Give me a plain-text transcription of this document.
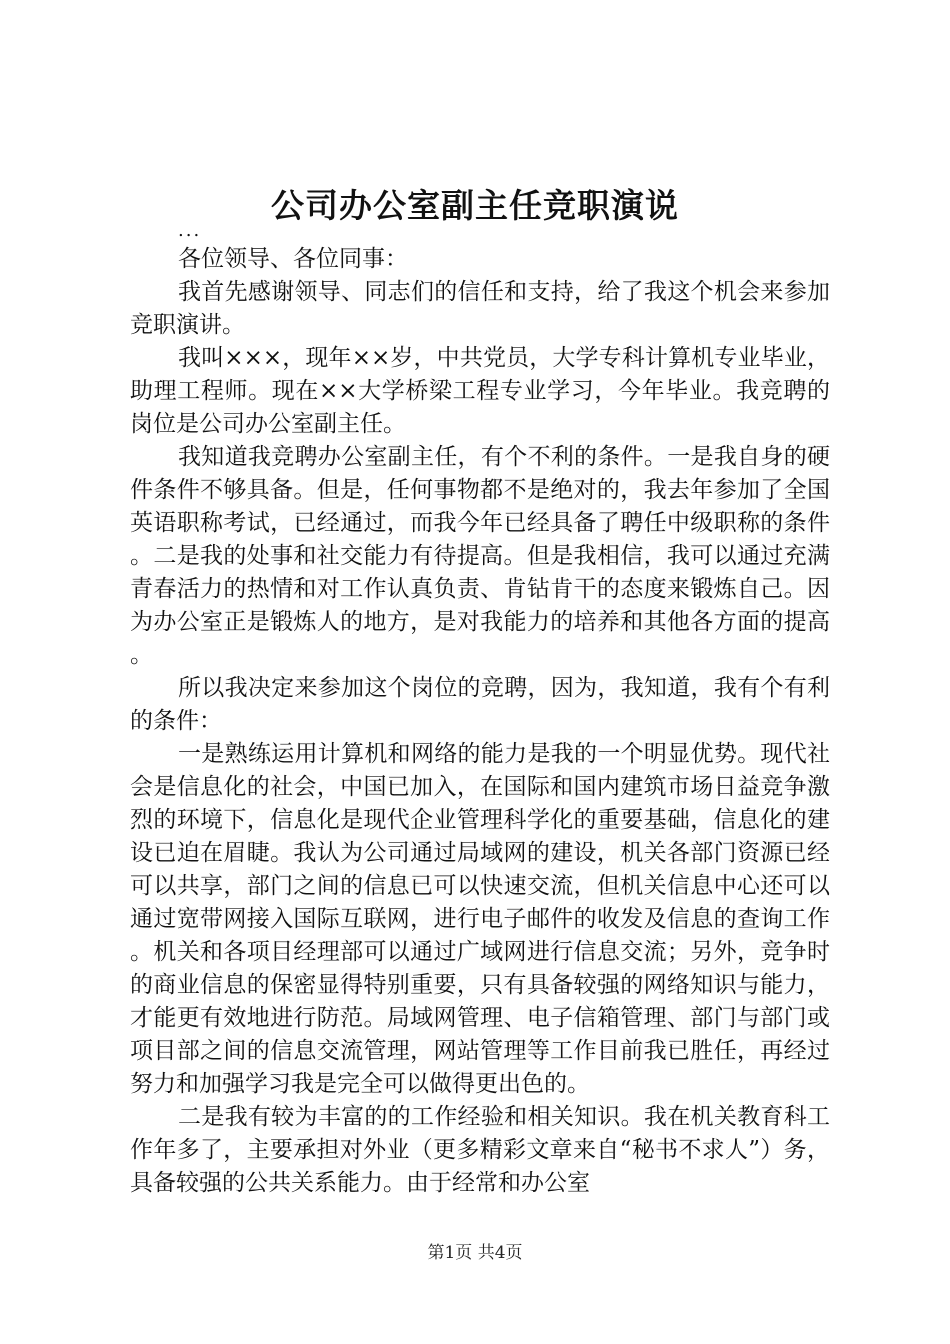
公司办公室副主任竞职演说
...

各位领导、各位同事：

我首先感谢领导、同志们的信任和支持，给了我这个机会来参加竞职演讲。

我叫×××，现年××岁，中共党员，大学专科计算机专业毕业，助理工程师。现在××大学桥梁工程专业学习，今年毕业。我竞聘的岗位是公司办公室副主任。

我知道我竞聘办公室副主任，有个不利的条件。一是我自身的硬件条件不够具备。但是，任何事物都不是绝对的，我去年参加了全国英语职称考试，已经通过，而我今年已经具备了聘任中级职称的条件。二是我的处事和社交能力有待提高。但是我相信，我可以通过充满青春活力的热情和对工作认真负责、肯钻肯干的态度来锻炼自己。因为办公室正是锻炼人的地方，是对我能力的培养和其他各方面的提高。

所以我决定来参加这个岗位的竞聘，因为，我知道，我有个有利的条件：

一是熟练运用计算机和网络的能力是我的一个明显优势。现代社会是信息化的社会，中国已加入，在国际和国内建筑市场日益竞争激烈的环境下，信息化是现代企业管理科学化的重要基础，信息化的建设已迫在眉睫。我认为公司通过局域网的建设，机关各部门资源已经可以共享，部门之间的信息已可以快速交流，但机关信息中心还可以通过宽带网接入国际互联网，进行电子邮件的收发及信息的查询工作。机关和各项目经理部可以通过广域网进行信息交流；另外，竞争时的商业信息的保密显得特别重要，只有具备较强的网络知识与能力，才能更有效地进行防范。局域网管理、电子信箱管理、部门与部门或项目部之间的信息交流管理，网站管理等工作目前我已胜任，再经过努力和加强学习我是完全可以做得更出色的。

二是我有较为丰富的的工作经验和相关知识。我在机关教育科工作年多了，主要承担对外业（更多精彩文章来自“秘书不求人”）务，具备较强的公共关系能力。由于经常和办公室

第1页 共4页
